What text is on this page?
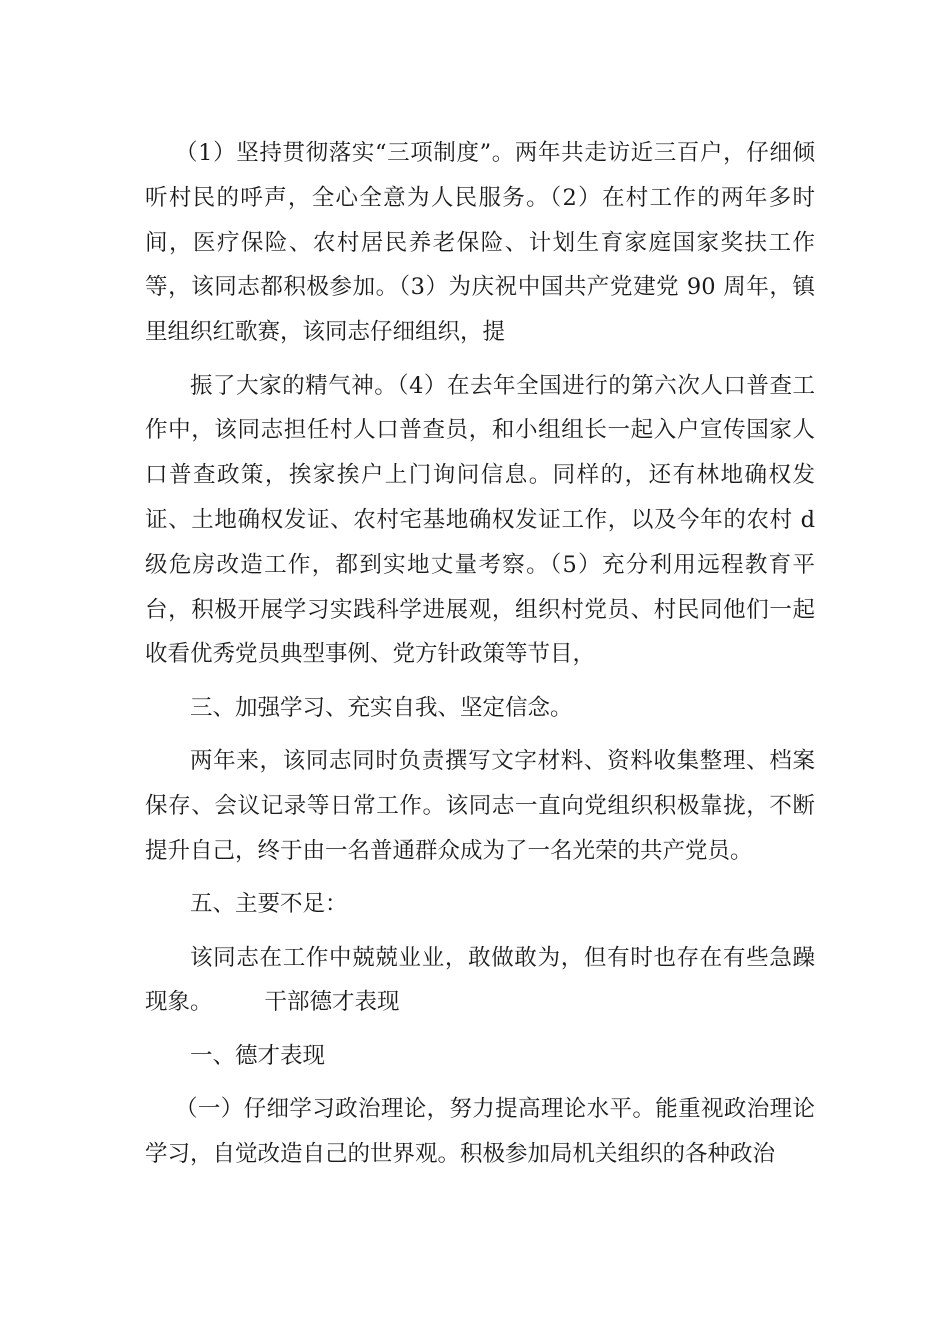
（1）坚持贯彻落实“三项制度”。两年共走访近三百户，仔细倾听村民的呼声，全心全意为人民服务。（2）在村工作的两年多时间，医疗保险、农村居民养老保险、计划生育家庭国家奖扶工作等，该同志都积极参加。（3）为庆祝中国共产党建党 90 周年，镇里组织红歌赛，该同志仔细组织，提

振了大家的精气神。（4）在去年全国进行的第六次人口普查工作中，该同志担任村人口普查员，和小组组长一起入户宣传国家人口普查政策，挨家挨户上门询问信息。同样的，还有林地确权发证、土地确权发证、农村宅基地确权发证工作，以及今年的农村 d 级危房改造工作，都到实地丈量考察。（5）充分利用远程教育平台，积极开展学习实践科学进展观，组织村党员、村民同他们一起收看优秀党员典型事例、党方针政策等节目，

三、加强学习、充实自我、坚定信念。

两年来，该同志同时负责撰写文字材料、资料收集整理、档案保存、会议记录等日常工作。该同志一直向党组织积极靠拢，不断提升自己，终于由一名普通群众成为了一名光荣的共产党员。

五、主要不足：

该同志在工作中兢兢业业，敢做敢为，但有时也存在有些急躁现象。 干部德才表现

一、德才表现

（一）仔细学习政治理论，努力提高理论水平。能重视政治理论学习，自觉改造自己的世界观。积极参加局机关组织的各种政治
